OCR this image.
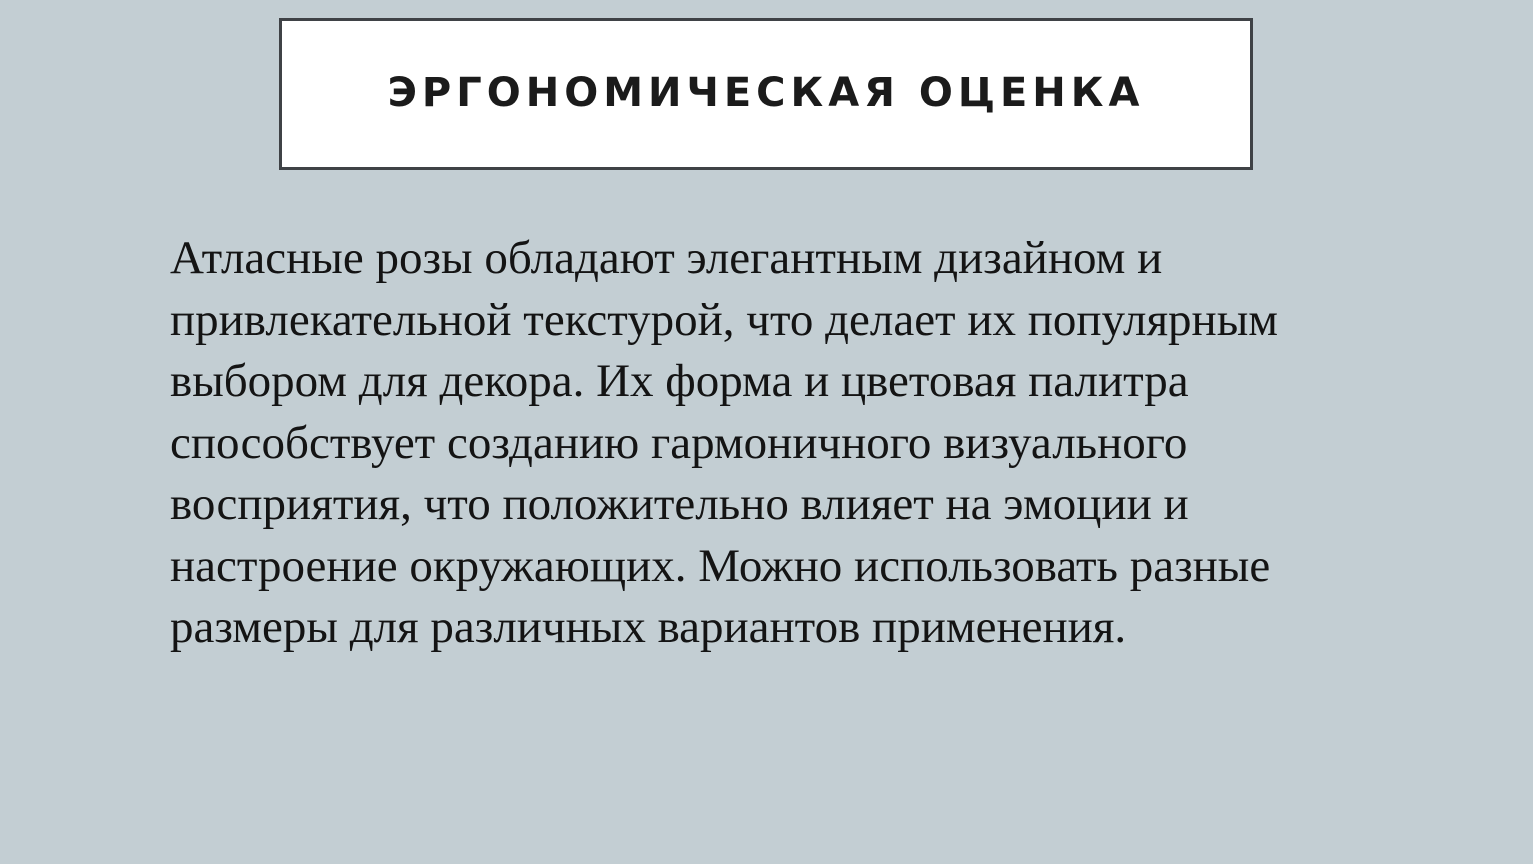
ЭРГОНОМИЧЕСКАЯ ОЦЕНКА
Атласные розы обладают элегантным дизайном и привлекательной текстурой, что делает их популярным выбором для декора. Их форма и цветовая палитра способствует созданию гармоничного визуального восприятия, что положительно влияет на эмоции и настроение окружающих. Можно использовать разные размеры для различных вариантов применения.
